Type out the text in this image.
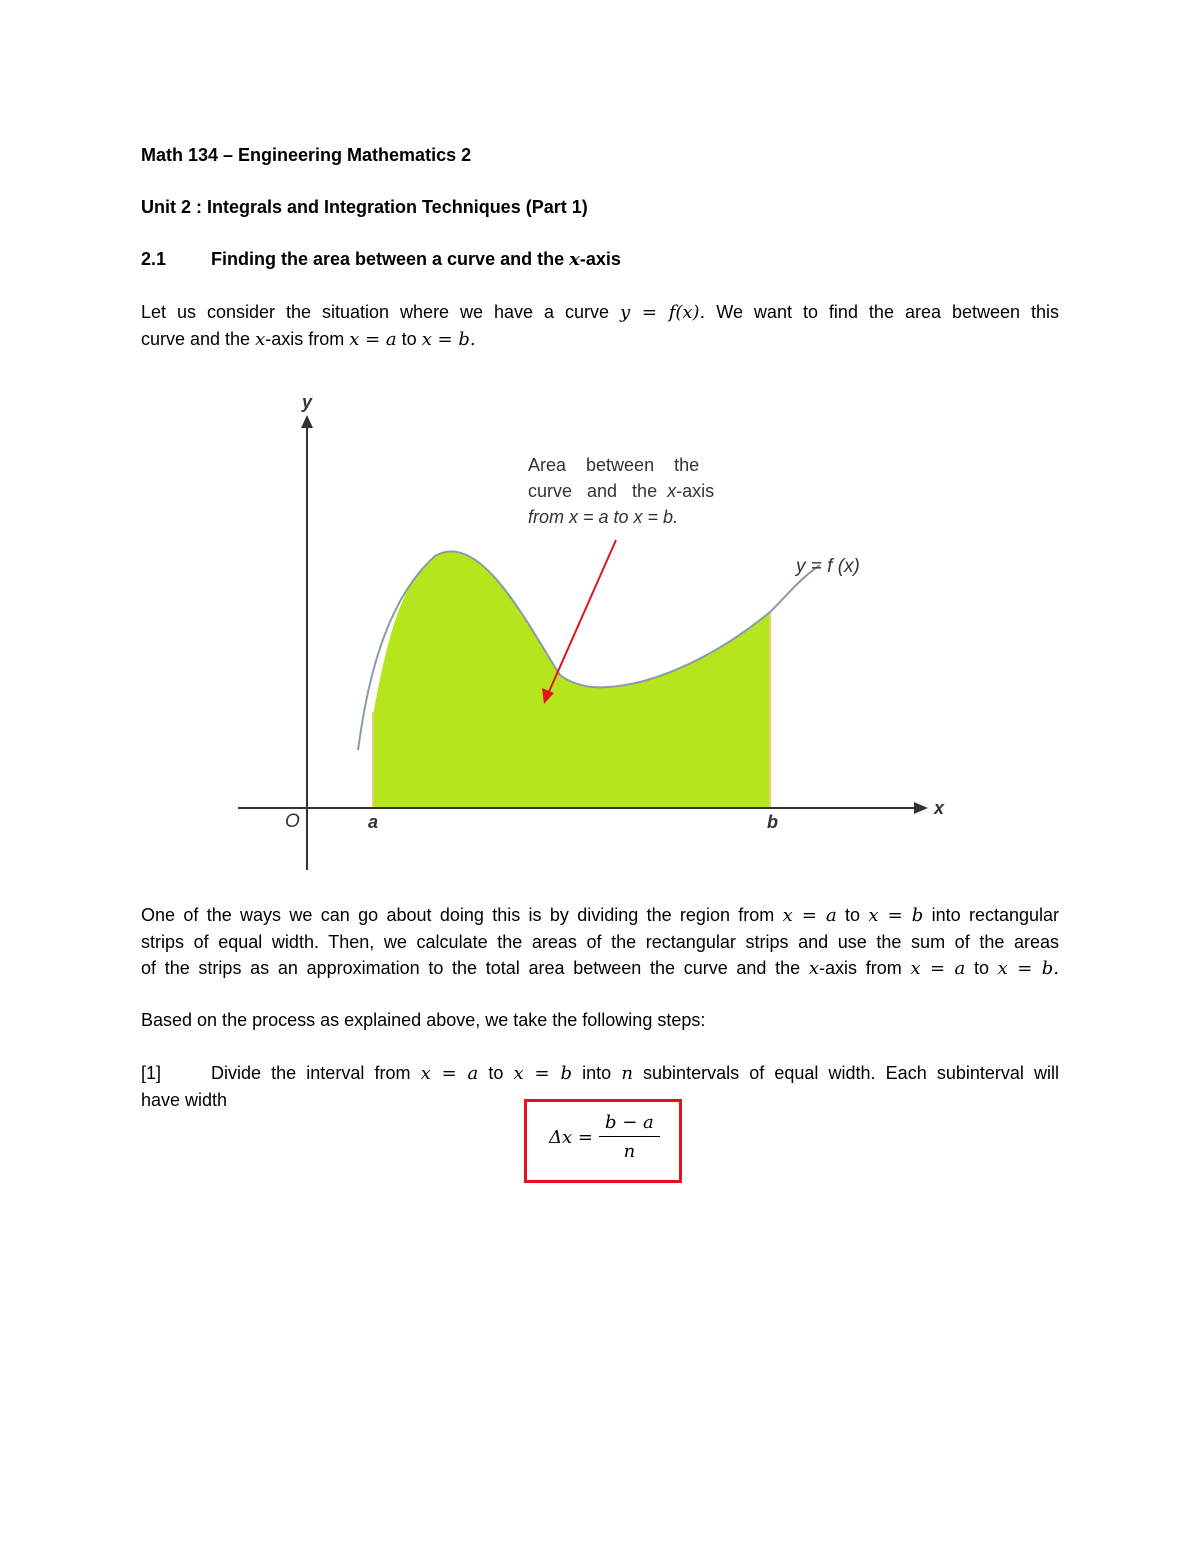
Math 134 – Engineering Mathematics 2
Unit 2 : Integrals and Integration Techniques (Part 1)
2.1 Finding the area between a curve and the x-axis
Let us consider the situation where we have a curve y = f(x). We want to find the area between this
curve and the x-axis from x = a to x = b.
y
x
O	a	b
y = f (x)
Area    between    the
curve   and   the  x-axis
from x = a to x = b.
One of the ways we can go about doing this is by dividing the region from x = a to x = b into rectangular
strips of equal width. Then, we calculate the areas of the rectangular strips and use the sum of the areas
of the strips as an approximation to the total area between the curve and the x-axis from x = a to x = b.
Based on the process as explained above, we take the following steps:
[1]	Divide the interval from x = a to x = b into n subintervals of equal width. Each subinterval will
have width
$\Delta x = \frac{b - a}{n}$
